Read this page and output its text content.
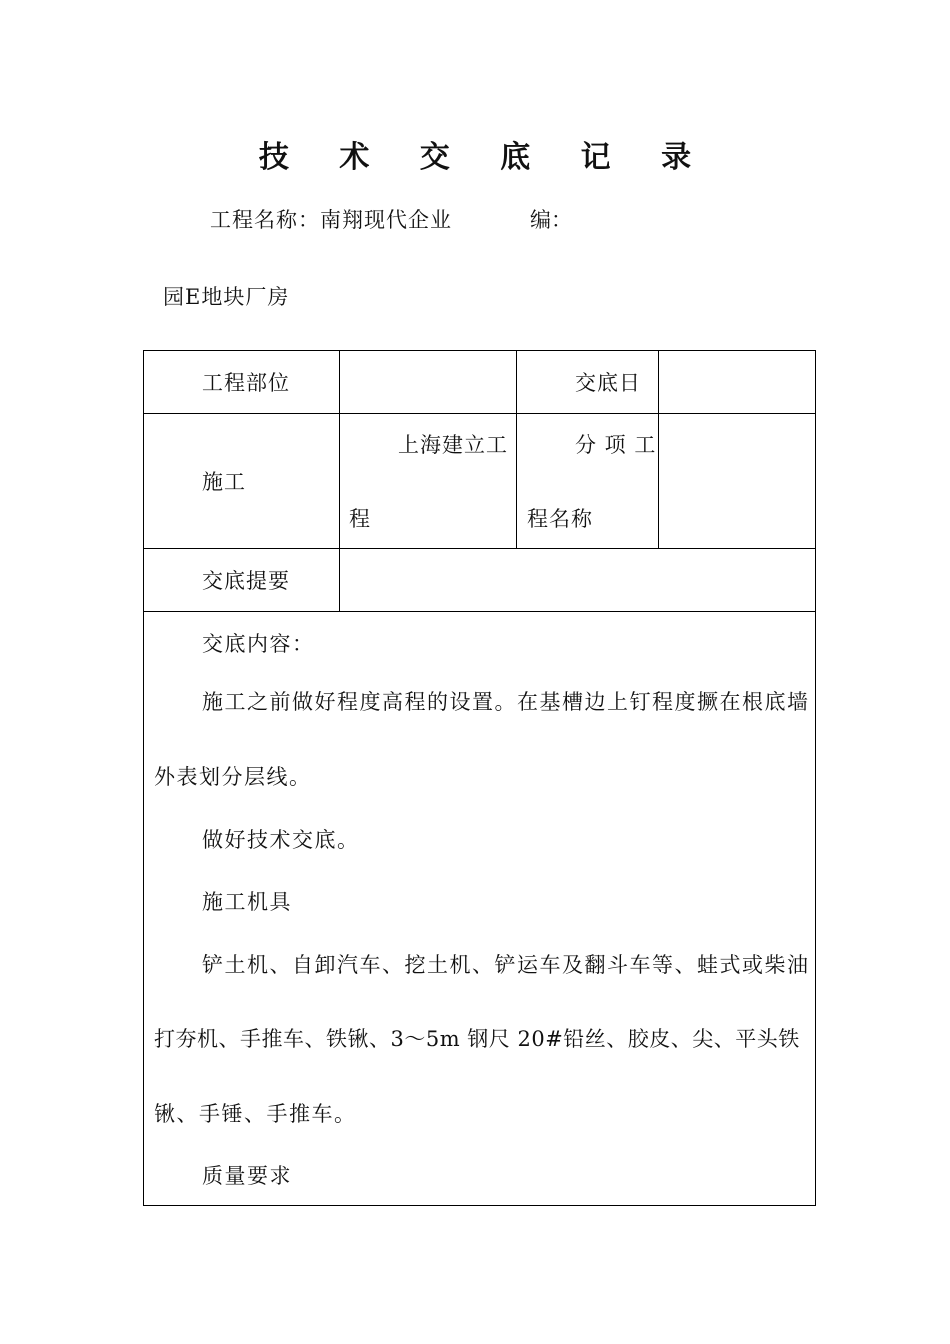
技 术 交 底 记 录
工程名称：南翔现代企业	编：
园E地块厂房
工程部位	交底日
施工
上海建立工
程
分 项 工
程名称
交底提要
交底内容：
施工之前做好程度高程的设置。在基槽边上钉程度撅在根底墙
外表划分层线。
做好技术交底。
施工机具
铲土机、自卸汽车、挖土机、铲运车及翻斗车等、蛙式或柴油
打夯机、手推车、铁锹、3～5m 钢尺 20#铅丝、胶皮、尖、平头铁
锹、手锤、手推车。
质量要求
